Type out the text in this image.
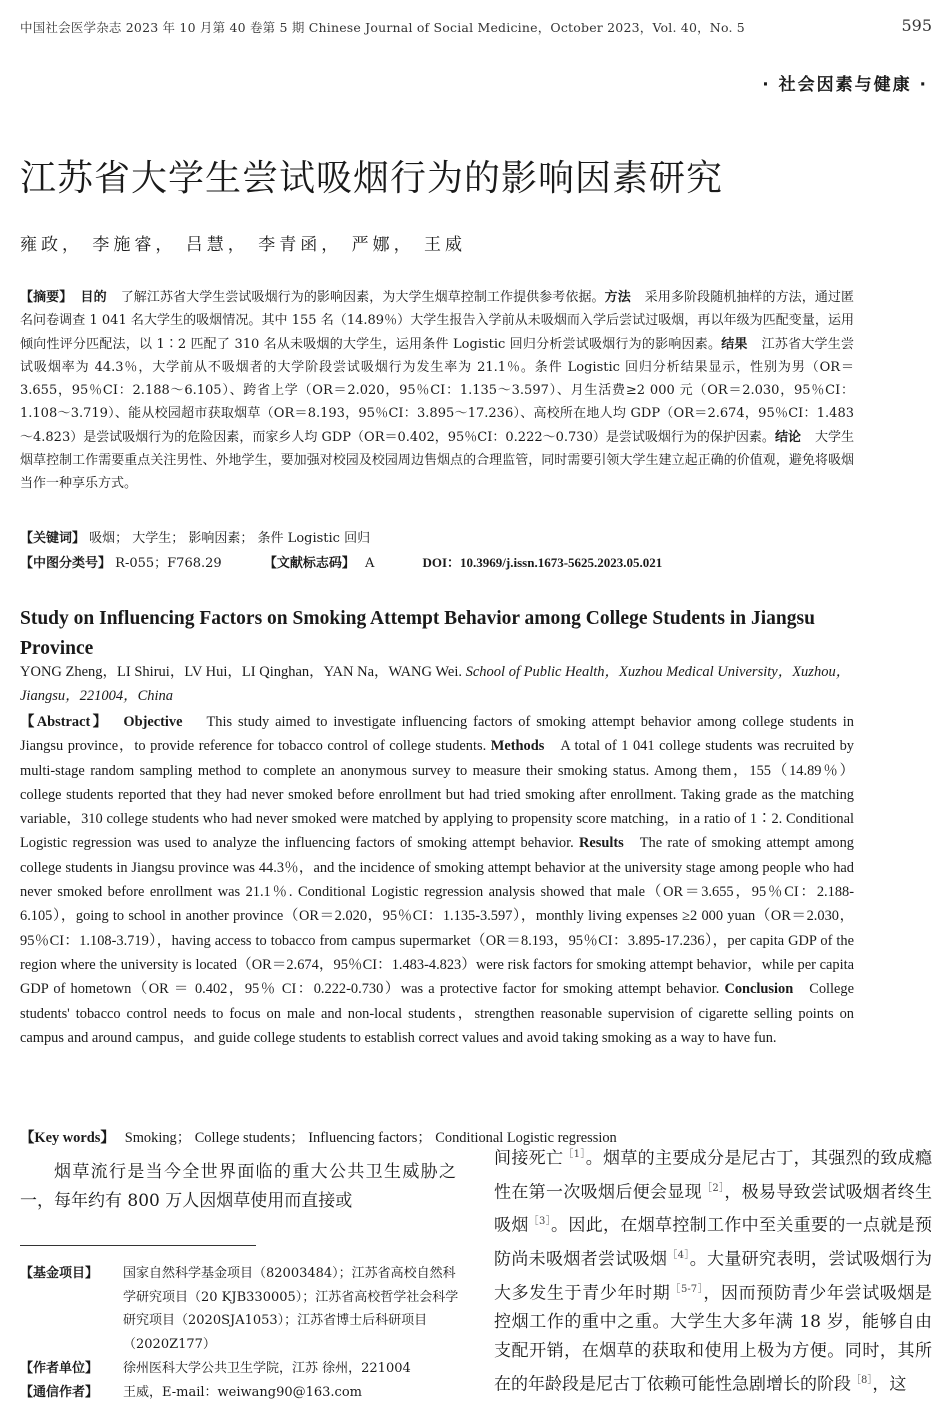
中国社会医学杂志 2023 年 10 月第 40 卷第 5 期 Chinese Journal of Social Medicine，October 2023，Vol. 40，No. 5	595
· 社会因素与健康 ·
江苏省大学生尝试吸烟行为的影响因素研究
雍政， 李施睿， 吕慧， 李青函， 严娜， 王威
【摘要】 目的 了解江苏省大学生尝试吸烟行为的影响因素，为大学生烟草控制工作提供参考依据。方法 采用多阶段随机抽样的方法，通过匿名问卷调查 1 041 名大学生的吸烟情况。其中 155 名（14.89％）大学生报告入学前从未吸烟而入学后尝试过吸烟，再以年级为匹配变量，运用倾向性评分匹配法，以 1∶2 匹配了 310 名从未吸烟的大学生，运用条件 Logistic 回归分析尝试吸烟行为的影响因素。结果 江苏省大学生尝试吸烟率为 44.3％，大学前从不吸烟者的大学阶段尝试吸烟行为发生率为 21.1％。条件 Logistic 回归分析结果显示，性别为男（OR＝3.655，95％CI：2.188～6.105）、跨省上学（OR＝2.020，95％CI：1.135～3.597）、月生活费≥2 000 元（OR＝2.030，95％CI：1.108～3.719）、能从校园超市获取烟草（OR＝8.193，95％CI：3.895～17.236）、高校所在地人均 GDP（OR＝2.674，95％CI：1.483～4.823）是尝试吸烟行为的危险因素，而家乡人均 GDP（OR＝0.402，95％CI：0.222～0.730）是尝试吸烟行为的保护因素。结论 大学生烟草控制工作需要重点关注男性、外地学生，要加强对校园及校园周边售烟点的合理监管，同时需要引领大学生建立起正确的价值观，避免将吸烟当作一种享乐方式。
【关键词】 吸烟； 大学生； 影响因素； 条件 Logistic 回归
【中图分类号】 R-055；F768.29	【文献标志码】 A	DOI：10.3969/j.issn.1673-5625.2023.05.021
Study on Influencing Factors on Smoking Attempt Behavior among College Students in Jiangsu Province
YONG Zheng，LI Shirui，LV Hui，LI Qinghan，YAN Na，WANG Wei. School of Public Health，Xuzhou Medical University，Xuzhou，Jiangsu，221004，China
【Abstract】 Objective This study aimed to investigate influencing factors of smoking attempt behavior among college students in Jiangsu province，to provide reference for tobacco control of college students. Methods A total of 1 041 college students was recruited by multi-stage random sampling method to complete an anonymous survey to measure their smoking status. Among them，155（14.89％）college students reported that they had never smoked before enrollment but had tried smoking after enrollment. Taking grade as the matching variable，310 college students who had never smoked were matched by applying to propensity score matching，in a ratio of 1∶2. Conditional Logistic regression was used to analyze the influencing factors of smoking attempt behavior. Results The rate of smoking attempt among college students in Jiangsu province was 44.3％，and the incidence of smoking attempt behavior at the university stage among people who had never smoked before enrollment was 21.1％. Conditional Logistic regression analysis showed that male（OR＝3.655，95％CI：2.188-6.105），going to school in another province（OR＝2.020，95％CI：1.135-3.597），monthly living expenses ≥2 000 yuan（OR＝2.030，95％CI：1.108-3.719），having access to tobacco from campus supermarket（OR＝8.193，95％CI：3.895-17.236），per capita GDP of the region where the university is located（OR＝2.674，95％CI：1.483-4.823）were risk factors for smoking attempt behavior，while per capita GDP of hometown（OR ＝ 0.402，95％ CI：0.222-0.730）was a protective factor for smoking attempt behavior. Conclusion College students' tobacco control needs to focus on male and non-local students，strengthen reasonable supervision of cigarette selling points on campus and around campus，and guide college students to establish correct values and avoid taking smoking as a way to have fun.
【Key words】 Smoking； College students； Influencing factors； Conditional Logistic regression

烟草流行是当今全世界面临的重大公共卫生威胁之一，每年约有 800 万人因烟草使用而直接或

间接死亡$^{[1]}$。烟草的主要成分是尼古丁，其强烈的致成瘾性在第一次吸烟后便会显现$^{[2]}$，极易导致尝试吸烟者终生吸烟$^{[3]}$。因此，在烟草控制工作中至关重要的一点就是预防尚未吸烟者尝试吸烟$^{[4]}$。大量研究表明，尝试吸烟行为大多发生于青少年时期$^{[5-7]}$，因而预防青少年尝试吸烟是控烟工作的重中之重。大学生大多年满 18 岁，能够自由支配开销，在烟草的获取和使用上极为方便。同时，其所在的年龄段是尼古丁依赖可能性急剧增长的阶段$^{[8]}$，这

【基金项目】 国家自然科学基金项目（82003484）；江苏省高校自然科学研究项目（20 KJB330005）；江苏省高校哲学社会科学研究项目（2020SJA1053）；江苏省博士后科研项目（2020Z177）
【作者单位】 徐州医科大学公共卫生学院，江苏 徐州，221004
【通信作者】 王威，E-mail：weiwang90@163.com
